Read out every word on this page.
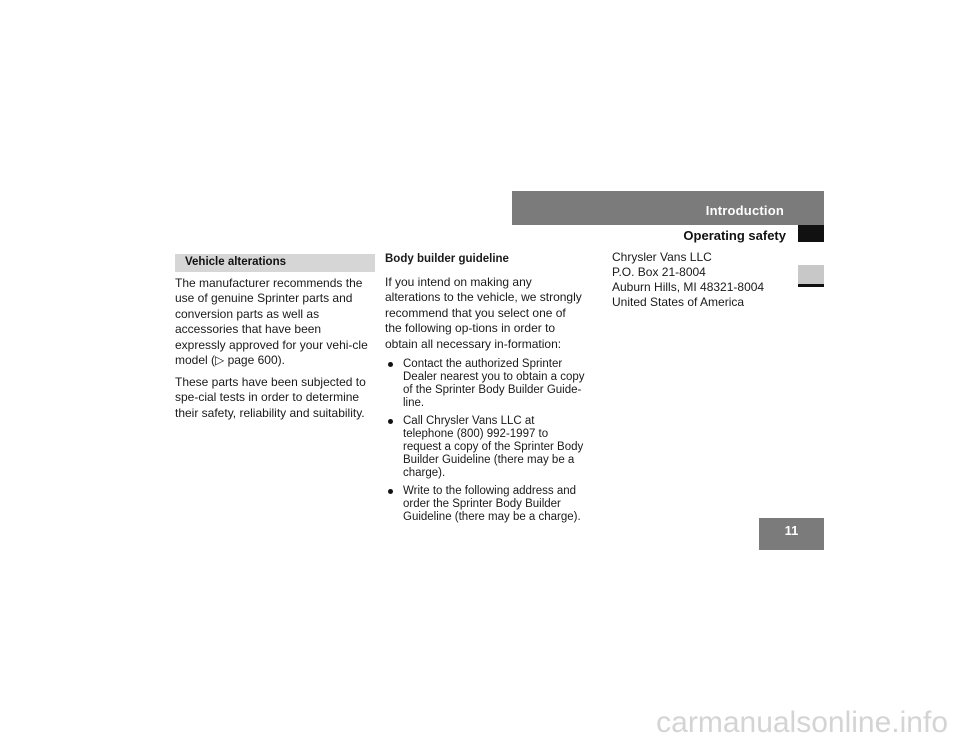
Introduction
Operating safety
Vehicle alterations

The manufacturer recommends the use of genuine Sprinter parts and conversion parts as well as accessories that have been expressly approved for your vehi-cle model (▷ page 600).

These parts have been subjected to spe-cial tests in order to determine their safety, reliability and suitability.

Body builder guideline

If you intend on making any alterations to the vehicle, we strongly recommend that you select one of the following op-tions in order to obtain all necessary in-formation:

Contact the authorized Sprinter Dealer nearest you to obtain a copy of the Sprinter Body Builder Guide-line.
Call Chrysler Vans LLC at telephone (800) 992-1997 to request a copy of the Sprinter Body Builder Guideline (there may be a charge).
Write to the following address and order the Sprinter Body Builder Guideline (there may be a charge).
Chrysler Vans LLC
P.O. Box 21-8004
Auburn Hills, MI 48321-8004
United States of America
11
carmanualsonline.info
